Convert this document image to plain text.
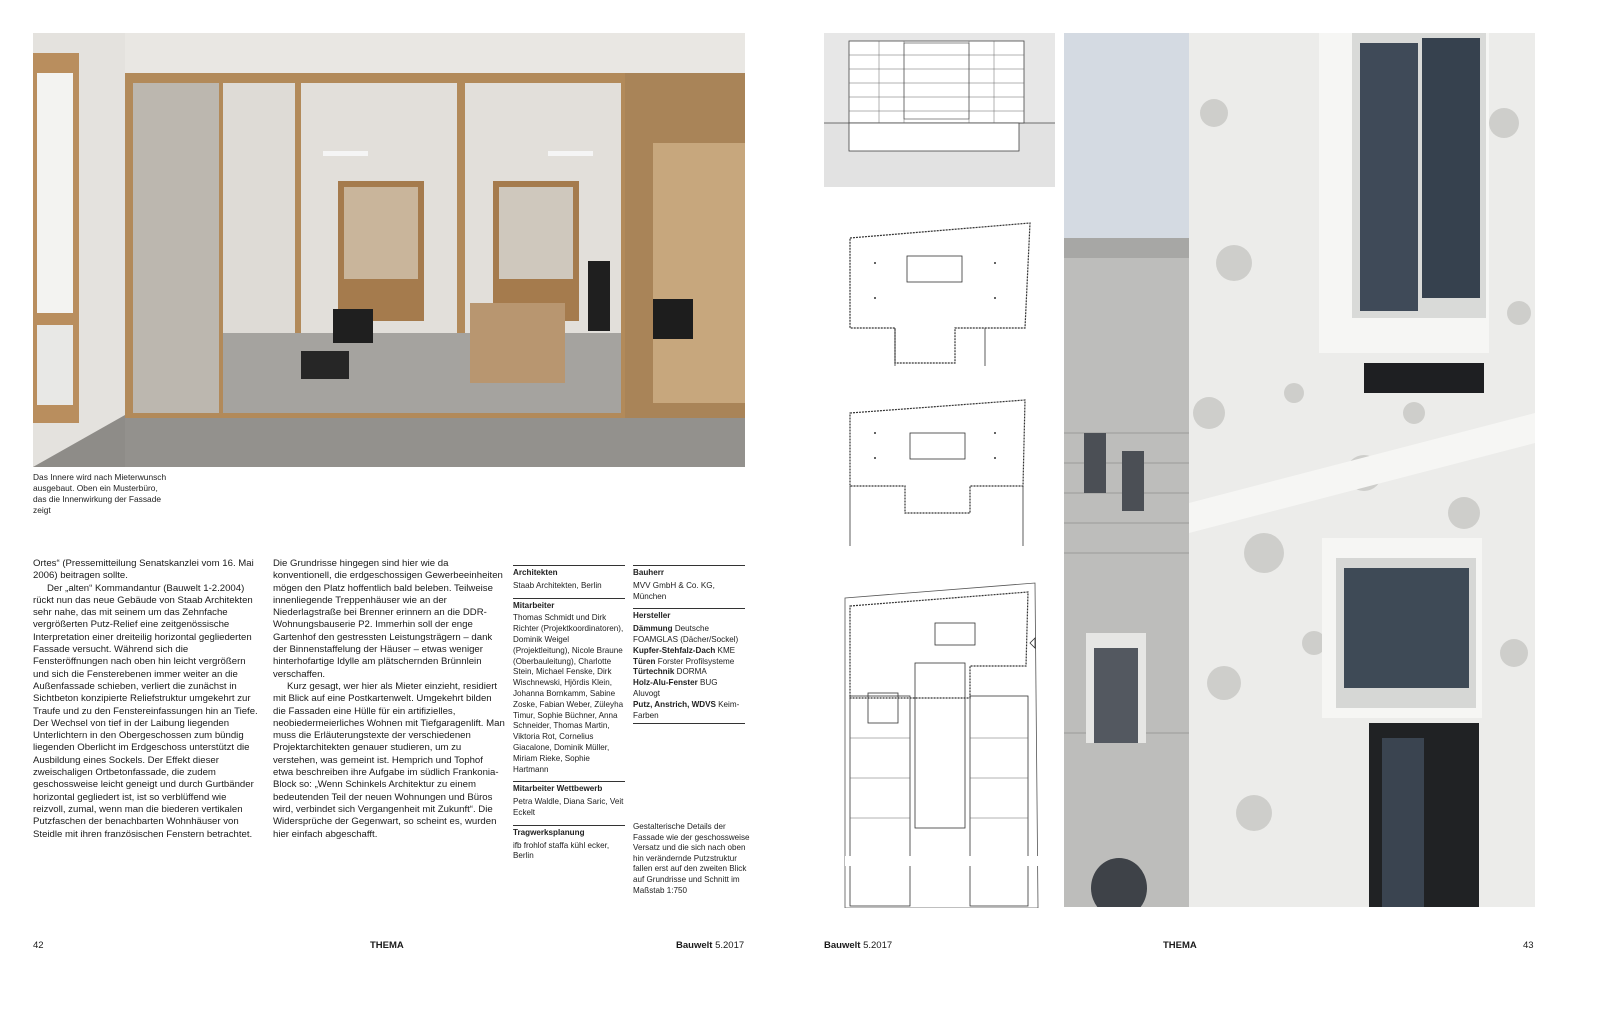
Das Innere wird nach Mieterwunsch ausgebaut. Oben ein Musterbüro, das die Innenwirkung der Fassade zeigt

Ortes“ (Pressemitteilung Senatskanzlei vom 16. Mai 2006) beitragen sollte.

Der „alten“ Kommandantur (Bauwelt 1-2.2004) rückt nun das neue Gebäude von Staab Architekten sehr nahe, das mit seinem um das Zehnfache vergrößerten Putz-Relief eine zeitgenössische Interpretation einer dreiteilig horizontal gegliederten Fassade versucht. Während sich die Fensteröffnungen nach oben hin leicht vergrößern und sich die Fensterebenen immer weiter an die Außenfassade schieben, verliert die zunächst in Sichtbeton konzipierte Reliefstruktur umgekehrt zur Traufe und zu den Fenstereinfassungen hin an Tiefe. Der Wechsel von tief in der Laibung liegenden Unterlichtern in den Obergeschossen zum bündig liegenden Oberlicht im Erdgeschoss unterstützt die Ausbildung eines Sockels. Der Effekt dieser zweischaligen Ortbetonfassade, die zudem geschossweise leicht geneigt und durch Gurtbänder horizontal gegliedert ist, ist so verblüffend wie reizvoll, zumal, wenn man die biederen vertikalen Putzfaschen der benachbarten Wohnhäuser von Steidle mit ihren französischen Fenstern betrachtet.

Die Grundrisse hingegen sind hier wie da konventionell, die erdgeschossigen Gewerbeeinheiten mögen den Platz hoffentlich bald beleben. Teilweise innenliegende Treppenhäuser wie an der Niederlagstraße bei Brenner erinnern an die DDR-Wohnungsbauserie P2. Immerhin soll der enge Gartenhof den gestressten Leistungsträgern – dank der Binnenstaffelung der Häuser – etwas weniger hinterhofartige Idylle am plätschernden Brünnlein verschaffen.

Kurz gesagt, wer hier als Mieter einzieht, residiert mit Blick auf eine Postkartenwelt. Umgekehrt bilden die Fassaden eine Hülle für ein artifizielles, neobiedermeierliches Wohnen mit Tiefgaragenlift. Man muss die Erläuterungstexte der verschiedenen Projektarchitekten genauer studieren, um zu verstehen, was gemeint ist. Hemprich und Tophof etwa beschreiben ihre Aufgabe im südlich Frankonia-Block so: „Wenn Schinkels Architektur zu einem bedeutenden Teil der neuen Wohnungen und Büros wird, verbindet sich Vergangenheit mit Zukunft“. Die Widersprüche der Gegenwart, so scheint es, wurden hier einfach abgeschafft.

Architekten
Staab Architekten, Berlin
Mitarbeiter
Thomas Schmidt und Dirk Richter (Projektkoordinatoren), Dominik Weigel (Projektleitung), Nicole Braune (Oberbauleitung), Charlotte Stein, Michael Fenske, Dirk Wischnewski, Hjördis Klein, Johanna Bornkamm, Sabine Zoske, Fabian Weber, Züleyha Timur, Sophie Büchner, Anna Schneider, Thomas Martin, Viktoria Rot, Cornelius Giacalone, Dominik Müller, Miriam Rieke, Sophie Hartmann
Mitarbeiter Wettbewerb
Petra Waldle, Diana Saric, Veit Eckelt
Tragwerksplanung
ifb frohlof staffa kühl ecker, Berlin
Bauherr
MVV GmbH & Co. KG, München
Hersteller
Dämmung Deutsche FOAMGLAS (Dächer/Sockel)
Kupfer-Stehfalz-Dach KME
Türen Forster Profilsysteme
Türtechnik DORMA
Holz-Alu-Fenster BUG Aluvogt
Putz, Anstrich, WDVS Keim-Farben
Gestalterische Details der Fassade wie der geschossweise Versatz und die sich nach oben hin verändernde Putzstruktur fallen erst auf den zweiten Blick auf Grundrisse und Schnitt im Maßstab 1:750
42	THEMA	Bauwelt 5.2017	Bauwelt 5.2017	THEMA	43
